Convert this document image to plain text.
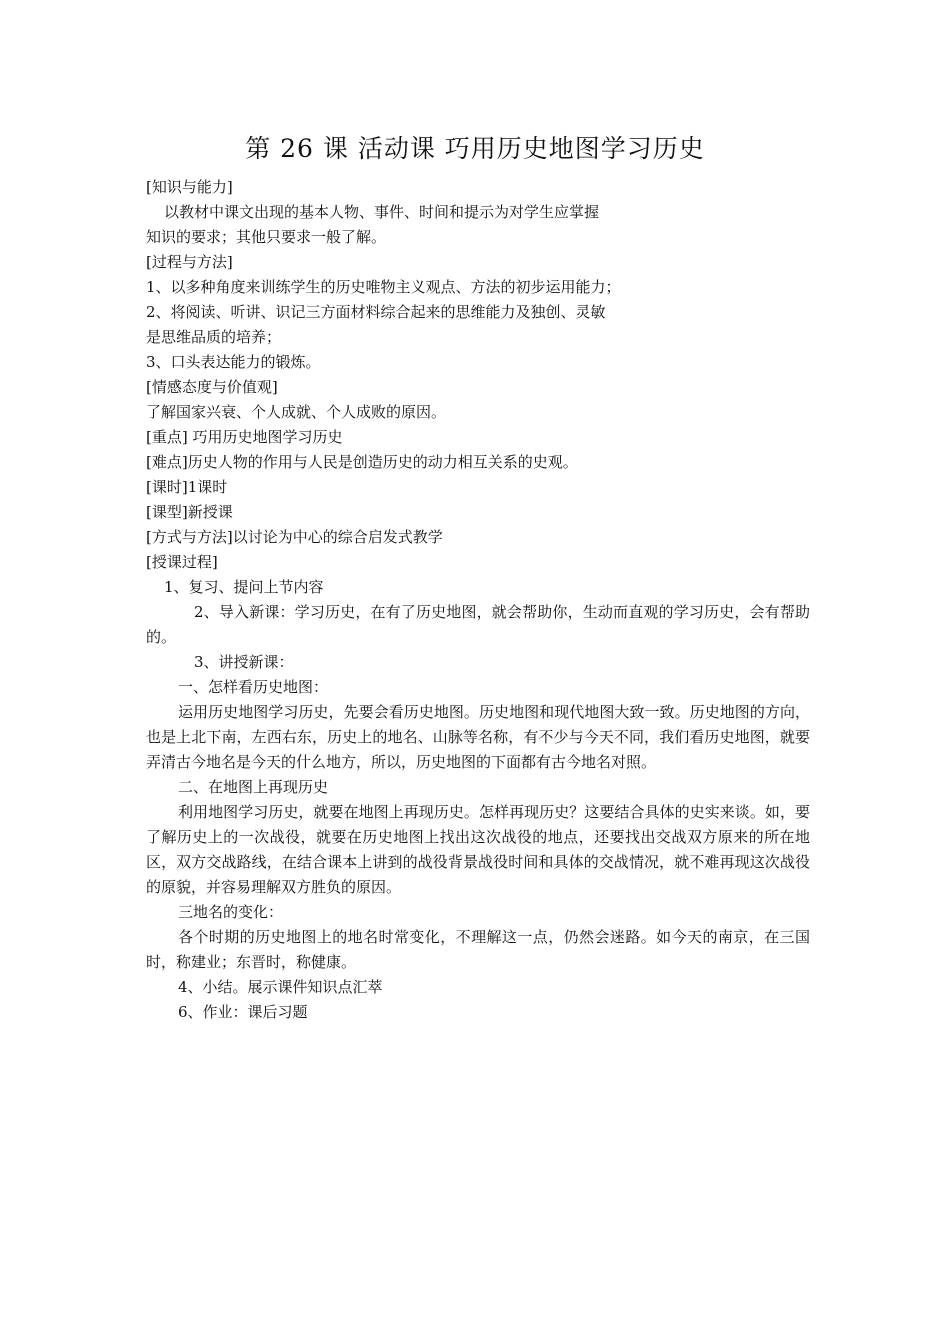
第 26 课 活动课 巧用历史地图学习历史

[知识与能力]

以教材中课文出现的基本人物、事件、时间和提示为对学生应掌握

知识的要求；其他只要求一般了解。

[过程与方法]

1、以多种角度来训练学生的历史唯物主义观点、方法的初步运用能力；

2、将阅读、听讲、识记三方面材料综合起来的思维能力及独创、灵敏

是思维品质的培养；

3、口头表达能力的锻炼。

[情感态度与价值观]

了解国家兴衰、个人成就、个人成败的原因。

[重点] 巧用历史地图学习历史

[难点]历史人物的作用与人民是创造历史的动力相互关系的史观。

[课时]1课时

[课型]新授课

[方式与方法]以讨论为中心的综合启发式教学

[授课过程]

1、复习、提问上节内容

2、导入新课：学习历史，在有了历史地图，就会帮助你，生动而直观的学习历史，会有帮助的。

3、讲授新课：

一、怎样看历史地图：

运用历史地图学习历史，先要会看历史地图。历史地图和现代地图大致一致。历史地图的方向，也是上北下南，左西右东，历史上的地名、山脉等名称，有不少与今天不同，我们看历史地图，就要弄清古今地名是今天的什么地方，所以，历史地图的下面都有古今地名对照。

二、在地图上再现历史

利用地图学习历史，就要在地图上再现历史。怎样再现历史？这要结合具体的史实来谈。如，要了解历史上的一次战役，就要在历史地图上找出这次战役的地点，还要找出交战双方原来的所在地区，双方交战路线，在结合课本上讲到的战役背景战役时间和具体的交战情况，就不难再现这次战役的原貌，并容易理解双方胜负的原因。

三地名的变化：

各个时期的历史地图上的地名时常变化，不理解这一点，仍然会迷路。如今天的南京，在三国时，称建业；东晋时，称健康。

4、小结。展示课件知识点汇萃

6、作业：课后习题
